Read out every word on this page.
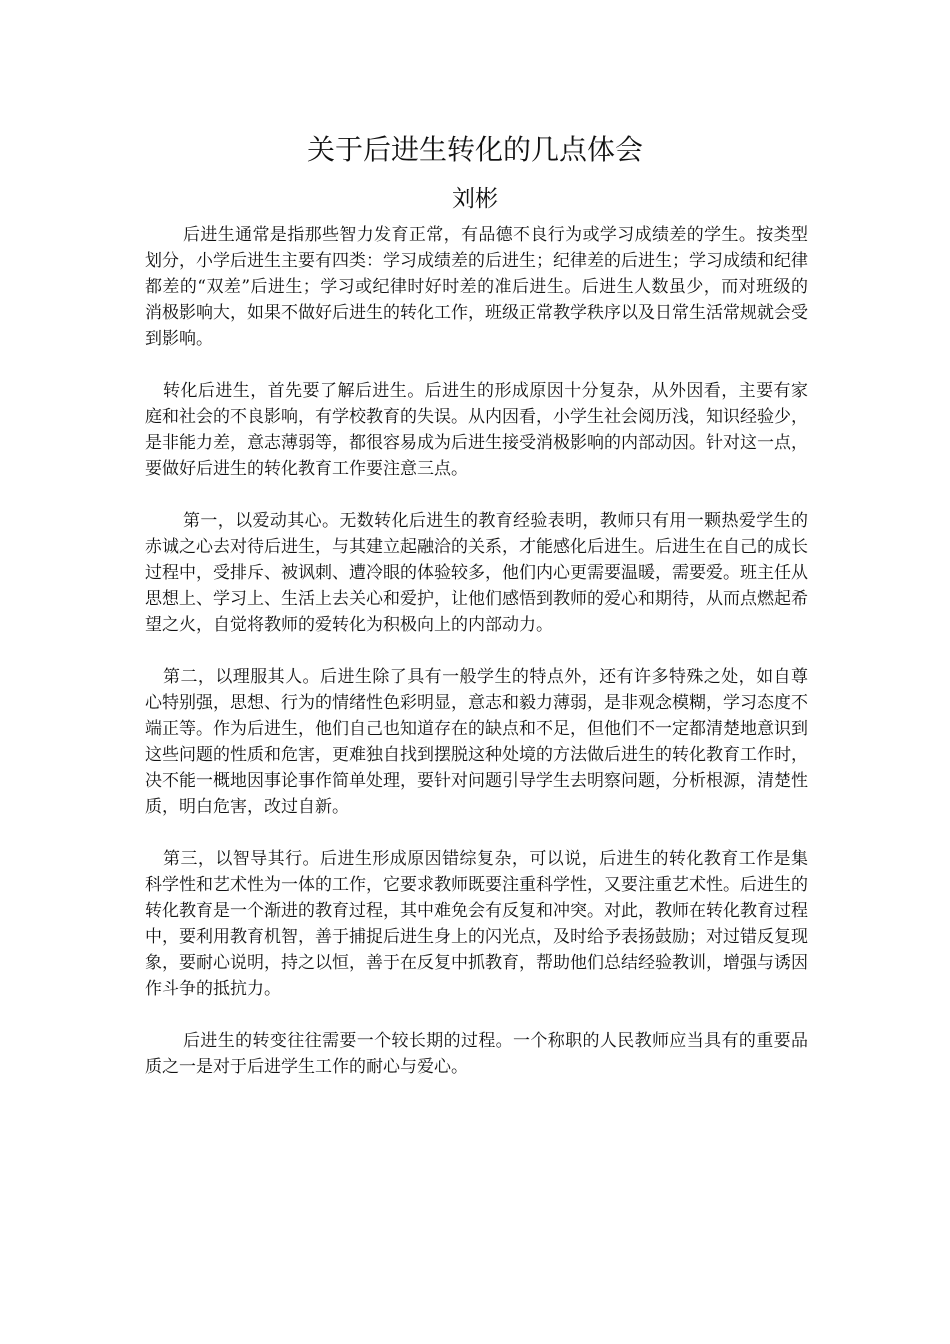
关于后进生转化的几点体会

刘彬

后进生通常是指那些智力发育正常，有品德不良行为或学习成绩差的学生。按类型划分，小学后进生主要有四类：学习成绩差的后进生；纪律差的后进生；学习成绩和纪律都差的“双差”后进生；学习或纪律时好时差的准后进生。后进生人数虽少，而对班级的消极影响大，如果不做好后进生的转化工作，班级正常教学秩序以及日常生活常规就会受到影响。

转化后进生，首先要了解后进生。后进生的形成原因十分复杂，从外因看，主要有家庭和社会的不良影响，有学校教育的失误。从内因看，小学生社会阅历浅，知识经验少，是非能力差，意志薄弱等，都很容易成为后进生接受消极影响的内部动因。针对这一点，要做好后进生的转化教育工作要注意三点。

第一，以爱动其心。无数转化后进生的教育经验表明，教师只有用一颗热爱学生的赤诚之心去对待后进生，与其建立起融洽的关系，才能感化后进生。后进生在自己的成长过程中，受排斥、被讽刺、遭冷眼的体验较多，他们内心更需要温暖，需要爱。班主任从思想上、学习上、生活上去关心和爱护，让他们感悟到教师的爱心和期待，从而点燃起希望之火，自觉将教师的爱转化为积极向上的内部动力。

第二，以理服其人。后进生除了具有一般学生的特点外，还有许多特殊之处，如自尊心特别强，思想、行为的情绪性色彩明显，意志和毅力薄弱，是非观念模糊，学习态度不端正等。作为后进生，他们自己也知道存在的缺点和不足，但他们不一定都清楚地意识到这些问题的性质和危害，更难独自找到摆脱这种处境的方法做后进生的转化教育工作时，决不能一概地因事论事作简单处理，要针对问题引导学生去明察问题，分析根源，清楚性质，明白危害，改过自新。

第三，以智导其行。后进生形成原因错综复杂，可以说，后进生的转化教育工作是集科学性和艺术性为一体的工作，它要求教师既要注重科学性，又要注重艺术性。后进生的转化教育是一个渐进的教育过程，其中难免会有反复和冲突。对此，教师在转化教育过程中，要利用教育机智，善于捕捉后进生身上的闪光点，及时给予表扬鼓励；对过错反复现象，要耐心说明，持之以恒，善于在反复中抓教育，帮助他们总结经验教训，增强与诱因作斗争的抵抗力。

后进生的转变往往需要一个较长期的过程。一个称职的人民教师应当具有的重要品质之一是对于后进学生工作的耐心与爱心。
